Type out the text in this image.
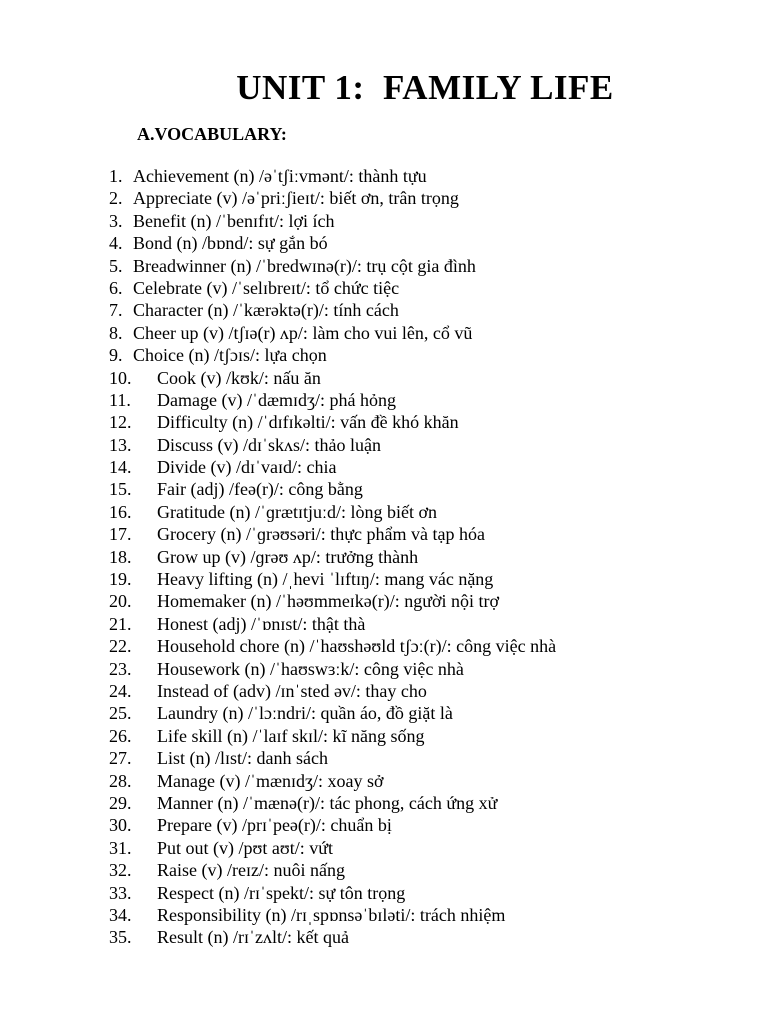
UNIT 1:  FAMILY LIFE
A.VOCABULARY:
1. Achievement (n) /əˈtʃiːvmənt/: thành tựu
2. Appreciate (v) /əˈpriːʃieɪt/: biết ơn, trân trọng
3. Benefit (n) /ˈbenɪfɪt/: lợi ích
4. Bond (n) /bɒnd/: sự gắn bó
5. Breadwinner (n) /ˈbredwɪnə(r)/: trụ cột gia đình
6. Celebrate (v) /ˈselɪbreɪt/: tổ chức tiệc
7. Character (n) /ˈkærəktə(r)/: tính cách
8. Cheer up (v) /tʃɪə(r) ʌp/: làm cho vui lên, cổ vũ
9. Choice (n) /tʃɔɪs/: lựa chọn
10. Cook (v) /kʊk/: nấu ăn
11. Damage (v) /ˈdæmɪdʒ/: phá hỏng
12. Difficulty (n) /ˈdɪfɪkəlti/: vấn đề khó khăn
13. Discuss (v) /dɪˈskʌs/: thảo luận
14. Divide (v) /dɪˈvaɪd/: chia
15. Fair (adj) /feə(r)/: công bằng
16. Gratitude (n) /ˈɡrætɪtjuːd/: lòng biết ơn
17. Grocery (n) /ˈɡrəʊsəri/: thực phẩm và tạp hóa
18. Grow up (v) /ɡrəʊ ʌp/: trưởng thành
19. Heavy lifting (n) /ˌhevi ˈlɪftɪŋ/: mang vác nặng
20. Homemaker (n) /ˈhəʊmmeɪkə(r)/: người nội trợ
21. Honest (adj) /ˈɒnɪst/: thật thà
22. Household chore (n) /ˈhaʊshəʊld tʃɔː(r)/: công việc nhà
23. Housework (n) /ˈhaʊswɜːk/: công việc nhà
24. Instead of (adv) /ɪnˈsted əv/: thay cho
25. Laundry (n) /ˈlɔːndri/: quần áo, đồ giặt là
26. Life skill (n) /ˈlaɪf skɪl/: kĩ năng sống
27. List (n) /lɪst/: danh sách
28. Manage (v) /ˈmænɪdʒ/: xoay sở
29. Manner (n) /ˈmænə(r)/: tác phong, cách ứng xử
30. Prepare (v) /prɪˈpeə(r)/: chuẩn bị
31. Put out (v) /pʊt aʊt/: vứt
32. Raise (v) /reɪz/: nuôi nấng
33. Respect (n) /rɪˈspekt/: sự tôn trọng
34. Responsibility (n) /rɪˌspɒnsəˈbɪləti/: trách nhiệm
35. Result (n) /rɪˈzʌlt/: kết quả
